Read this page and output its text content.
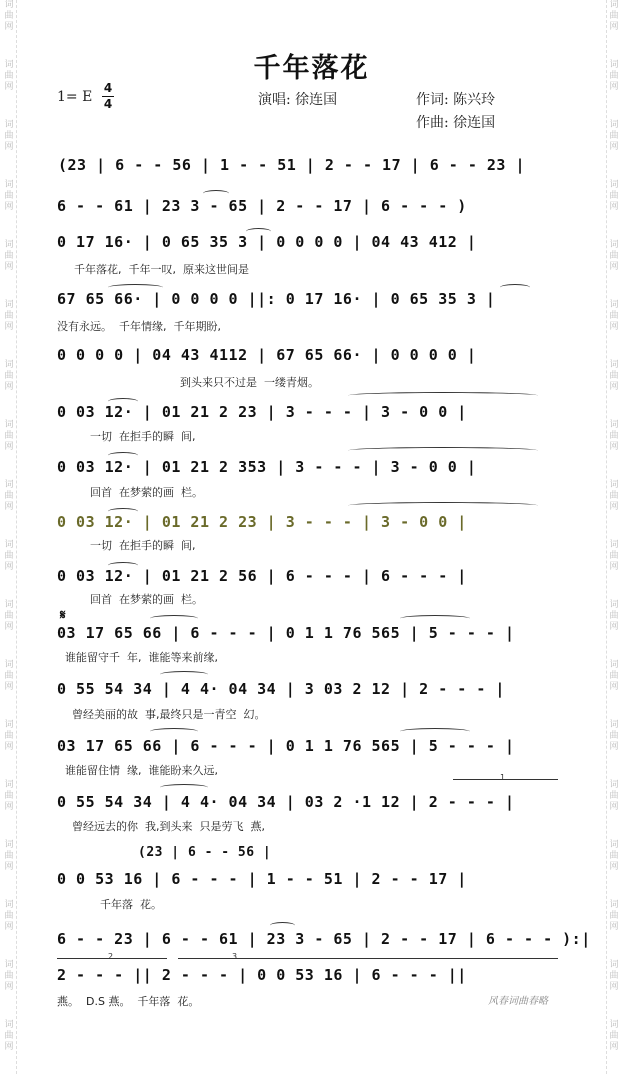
词
曲
网
词
曲
网
词
曲
网
词
曲
网
词
曲
网
词
曲
网
词
曲
网
词
曲
网
词
曲
网
词
曲
网
词
曲
网
词
曲
网
词
曲
网
词
曲
网
词
曲
网
词
曲
网
词
曲
网
词
曲
网
词
曲
网
词
曲
网
词
曲
网
词
曲
网
词
曲
网
词
曲
网
词
曲
网
词
曲
网
词
曲
网
词
曲
网
词
曲
网
词
曲
网
词
曲
网
词
曲
网
词
曲
网
词
曲
网
词
曲
网
词
曲
网
千年落花
1= E
4
4	演唱: 徐连国	作词: 陈兴玲
作曲: 徐连国
𝄋
(23 | 6 - - 56 | 1 - - 51 | 2 - - 17 | 6 - - 23 |
6 - - 61 | 23 3 - 65 | 2 - - 17 | 6 - - - )
0 17 16· | 0 65 35 3 | 0 0 0 0 | 04 43 412 |
千年落花,  千年一叹,  原来这世间是
67 65 66· | 0 0 0 0 ||: 0 17 16· | 0 65 35 3 |
没有永远。  千年情缘,  千年期盼,
0 0 0 0 | 04 43 4112 | 67 65 66· | 0 0 0 0 |
到头来只不过是  一缕青烟。
0 03 12· | 01 21 2 23 | 3 - - - | 3 - 0 0 |
一切  在拒手的瞬  间,
0 03 12· | 01 21 2 353 | 3 - - - | 3 - 0 0 |
回首  在梦萦的画  栏。
0 03 12· | 01 21 2 23 | 3 - - - | 3 - 0 0 |
一切  在拒手的瞬  间,
0 03 12· | 01 21 2 56 | 6 - - - | 6 - - - |
回首  在梦萦的画  栏。
03 17 65 66 | 6 - - - | 0 1 1 76 565 | 5 - - - |
谁能留守千  年,  谁能等来前缘,
0 55 54 34 | 4 4· 04 34 | 3 03 2 12 | 2 - - - |
曾经美丽的故  事,最终只是一青空  幻。
03 17 65 66 | 6 - - - | 0 1 1 76 565 | 5 - - - |
谁能留住情  缘,  谁能盼来久远,
0 55 54 34 | 4 4· 04 34 | 03 2 ·1 12 | 2 - - - |
曾经远去的你  我,到头来  只是劳飞  燕,
(23 | 6 - - 56 |
0 0 53 16 | 6 - - - | 1 - - 51 | 2 - - 17 |
千年落  花。
6 - - 23 | 6 - - 61 | 23 3 - 65 | 2 - - 17 | 6 - - - ):|
2 - - - || 2 - - - | 0 0 53 16 | 6 - - - ||
燕。  D.S 燕。  千年落  花。
1
2	3
风春词曲春略
